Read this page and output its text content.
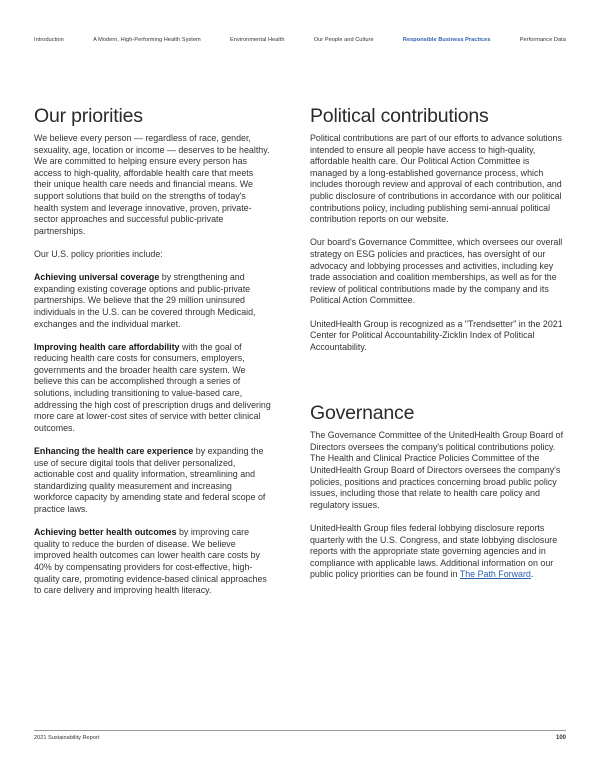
Introduction	A Modern, High-Performing Health System	Environmental Health	Our People and Culture	Responsible Business Practices	Performance Data
Our priorities

We believe every person — regardless of race, gender, sexuality, age, location or income — deserves to be healthy. We are committed to helping ensure every person has access to high-quality, affordable health care that meets their unique health care needs and financial means. We support solutions that build on the strengths of today's health system and leverage innovative, proven, private-sector approaches and successful public-private partnerships.

Our U.S. policy priorities include:

Achieving universal coverage by strengthening and expanding existing coverage options and public-private partnerships. We believe that the 29 million uninsured individuals in the U.S. can be covered through Medicaid, exchanges and the individual market.

Improving health care affordability with the goal of reducing health care costs for consumers, employers, governments and the broader health care system. We believe this can be accomplished through a series of solutions, including transitioning to value-based care, addressing the high cost of prescription drugs and delivering more care at lower-cost sites of service with better clinical outcomes.

Enhancing the health care experience by expanding the use of secure digital tools that deliver personalized, actionable cost and quality information, streamlining and standardizing quality measurement and increasing workforce capacity by amending state and federal scope of practice laws.

Achieving better health outcomes by improving care quality to reduce the burden of disease. We believe improved health outcomes can lower health care costs by 40% by compensating providers for cost-effective, high-quality care, promoting evidence-based clinical approaches to care delivery and improving health literacy.

Political contributions

Political contributions are part of our efforts to advance solutions intended to ensure all people have access to high-quality, affordable health care. Our Political Action Committee is managed by a long-established governance process, which includes thorough review and approval of each contribution, and public disclosure of contributions in accordance with our political contributions policy, including publishing semi-annual political contribution reports on our website.

Our board's Governance Committee, which oversees our overall strategy on ESG policies and practices, has oversight of our advocacy and lobbying processes and activities, including key trade association and coalition memberships, as well as for the review of political contributions made by the company and its Political Action Committee.

UnitedHealth Group is recognized as a "Trendsetter" in the 2021 Center for Political Accountability-Zicklin Index of Political Accountability.

Governance

The Governance Committee of the UnitedHealth Group Board of Directors oversees the company's political contributions policy. The Health and Clinical Practice Policies Committee of the UnitedHealth Group Board of Directors oversees the company's policies, positions and practices concerning broad public policy issues, including those that relate to health care policy and regulatory issues.

UnitedHealth Group files federal lobbying disclosure reports quarterly with the U.S. Congress, and state lobbying disclosure reports with the appropriate state governing agencies and in compliance with applicable laws. Additional information on our public policy priorities can be found in The Path Forward.

2021 Sustainability Report	100
